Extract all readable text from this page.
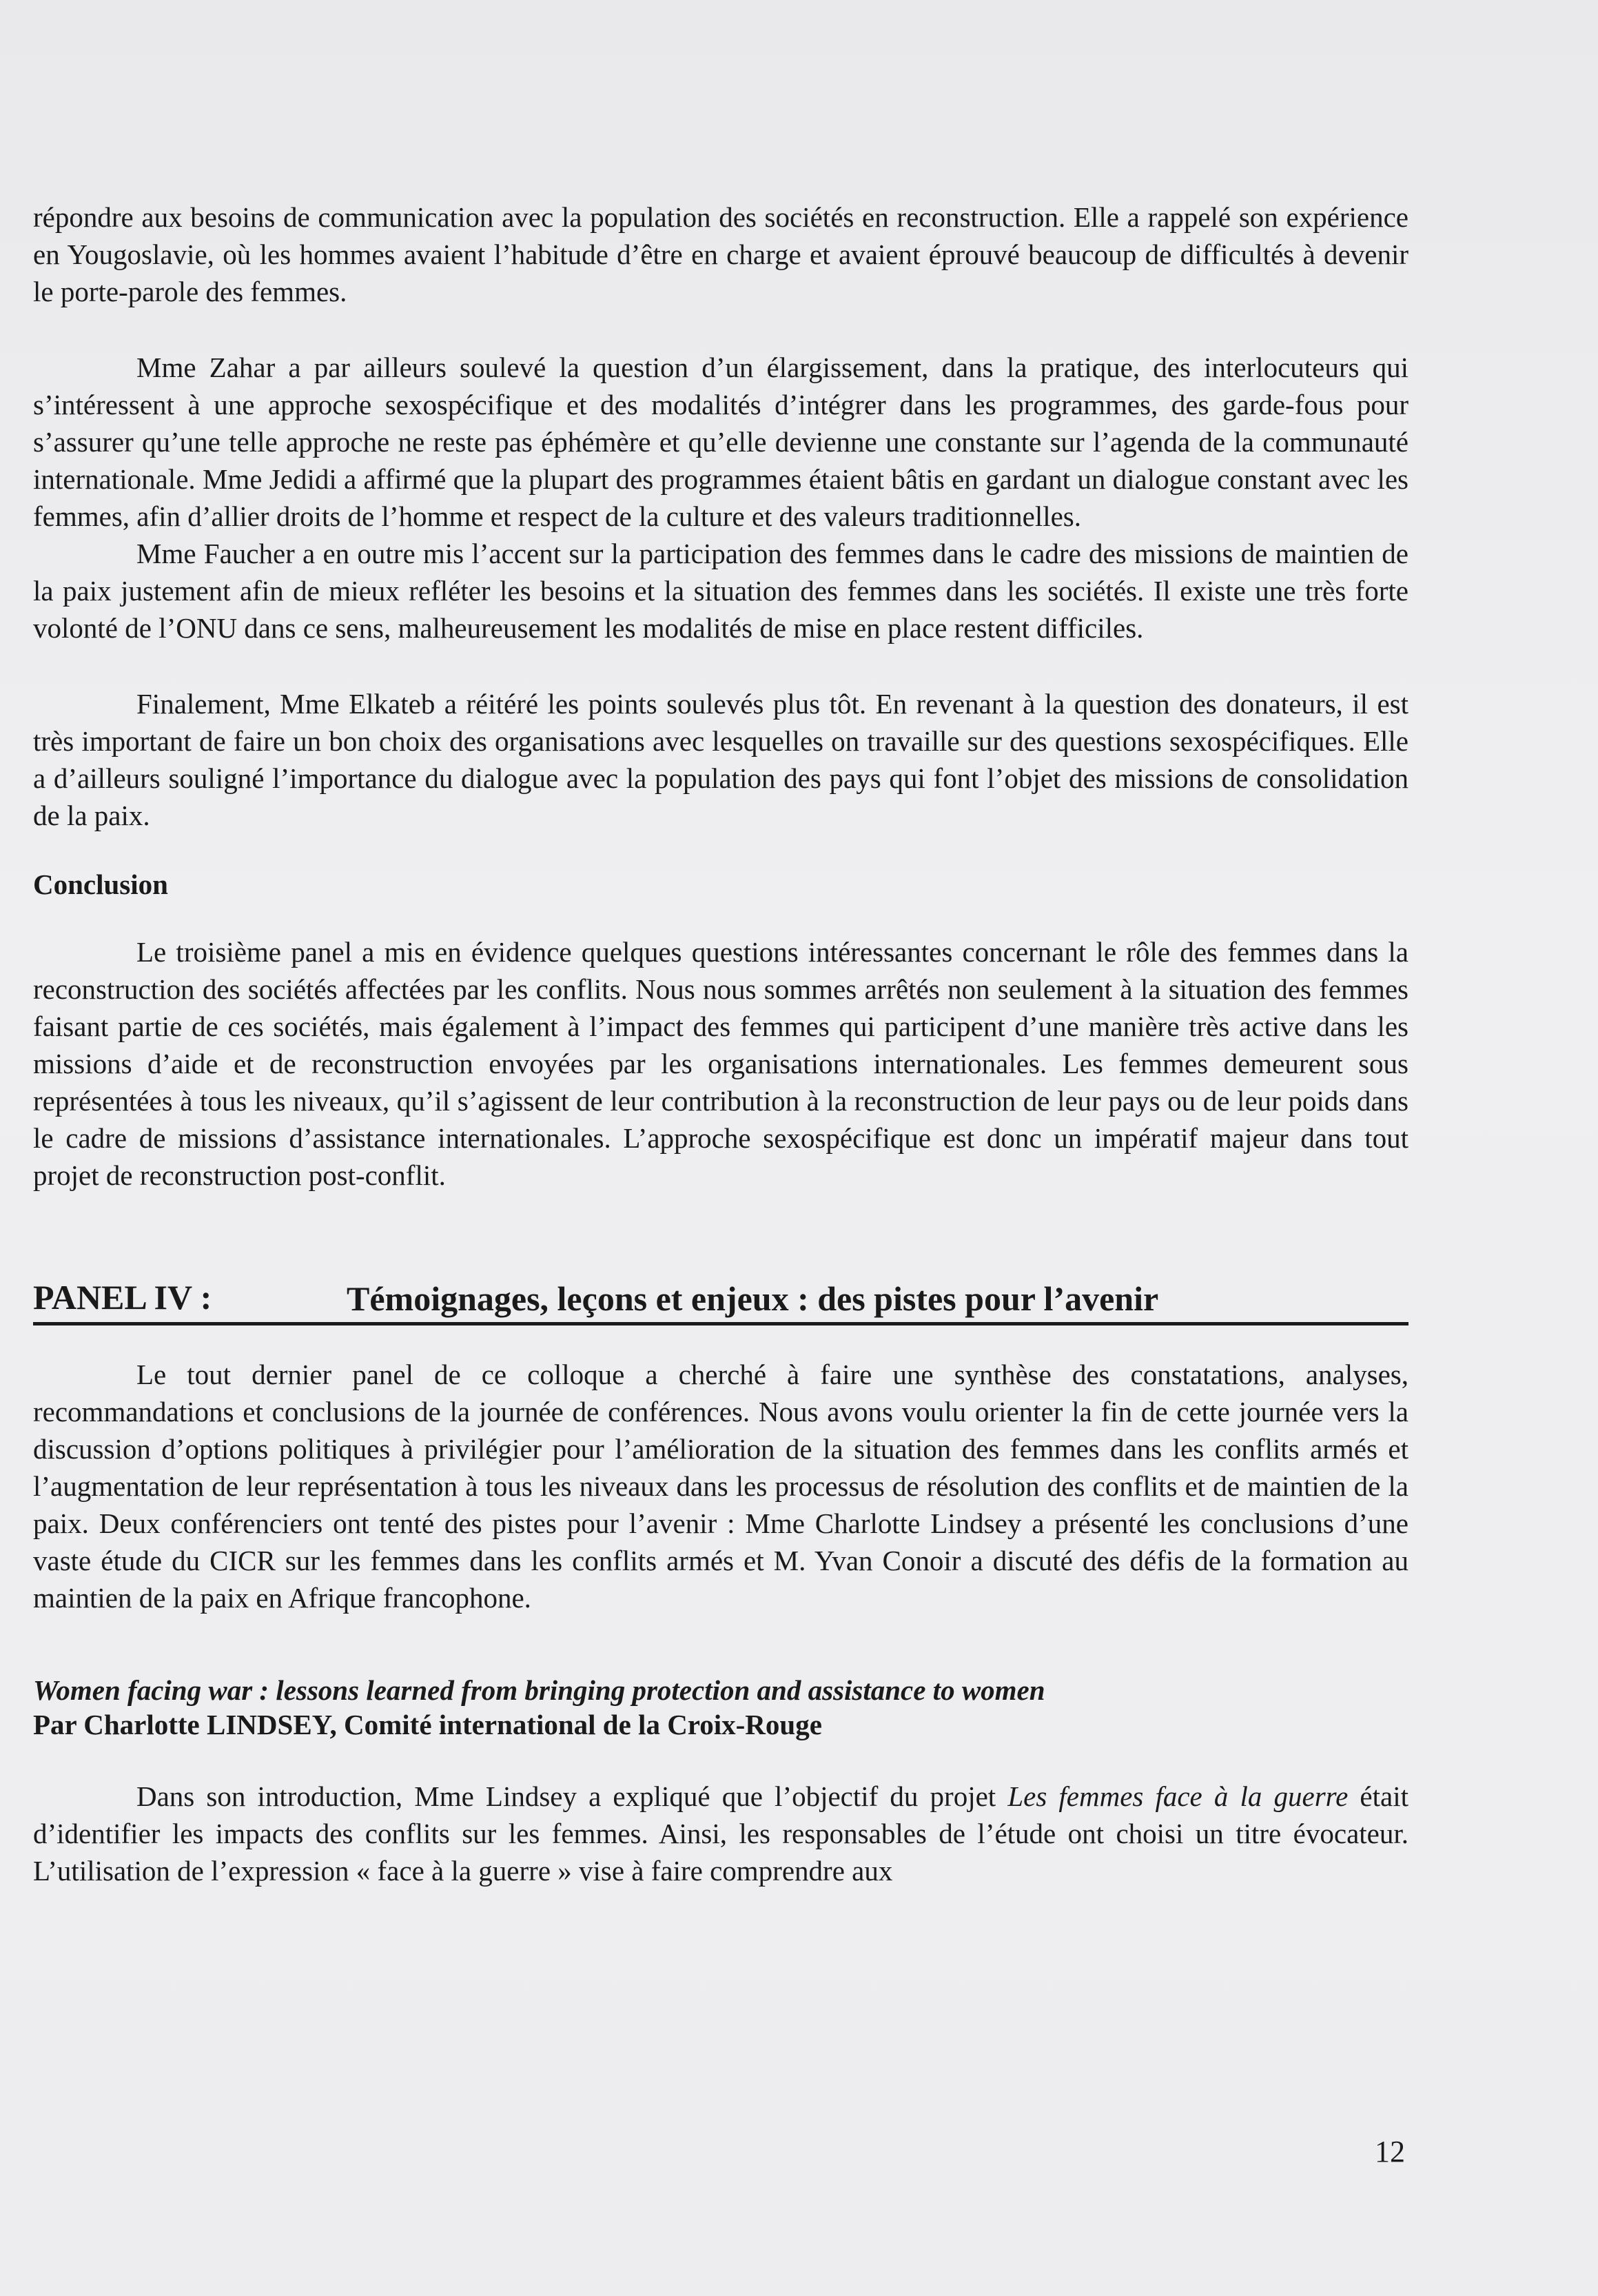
répondre aux besoins de communication avec la population des sociétés en reconstruction. Elle a rappelé son expérience en Yougoslavie, où les hommes avaient l’habitude d’être en charge et avaient éprouvé beaucoup de difficultés à devenir le porte-parole des femmes.

Mme Zahar a par ailleurs soulevé la question d’un élargissement, dans la pratique, des interlocuteurs qui s’intéressent à une approche sexospécifique et des modalités d’intégrer dans les programmes, des garde-fous pour s’assurer qu’une telle approche ne reste pas éphémère et qu’elle devienne une constante sur l’agenda de la communauté internationale. Mme Jedidi a affirmé que la plupart des programmes étaient bâtis en gardant un dialogue constant avec les femmes, afin d’allier droits de l’homme et respect de la culture et des valeurs traditionnelles.

Mme Faucher a en outre mis l’accent sur la participation des femmes dans le cadre des missions de maintien de la paix justement afin de mieux refléter les besoins et la situation des femmes dans les sociétés. Il existe une très forte volonté de l’ONU dans ce sens, malheureusement les modalités de mise en place restent difficiles.

Finalement, Mme Elkateb a réitéré les points soulevés plus tôt. En revenant à la question des donateurs, il est très important de faire un bon choix des organisations avec lesquelles on travaille sur des questions sexospécifiques. Elle a d’ailleurs souligné l’importance du dialogue avec la population des pays qui font l’objet des missions de consolidation de la paix.

Conclusion

Le troisième panel a mis en évidence quelques questions intéressantes concernant le rôle des femmes dans la reconstruction des sociétés affectées par les conflits. Nous nous sommes arrêtés non seulement à la situation des femmes faisant partie de ces sociétés, mais également à l’impact des femmes qui participent d’une manière très active dans les missions d’aide et de reconstruction envoyées par les organisations internationales. Les femmes demeurent sous représentées à tous les niveaux, qu’il s’agissent de leur contribution à la reconstruction de leur pays ou de leur poids dans le cadre de missions d’assistance internationales. L’approche sexospécifique est donc un impératif majeur dans tout projet de reconstruction post-conflit.

PANEL IV :	Témoignages, leçons et enjeux : des pistes pour l’avenir

Le tout dernier panel de ce colloque a cherché à faire une synthèse des constatations, analyses, recommandations et conclusions de la journée de conférences. Nous avons voulu orienter la fin de cette journée vers la discussion d’options politiques à privilégier pour l’amélioration de la situation des femmes dans les conflits armés et l’augmentation de leur représentation à tous les niveaux dans les processus de résolution des conflits et de maintien de la paix. Deux conférenciers ont tenté des pistes pour l’avenir : Mme Charlotte Lindsey a présenté les conclusions d’une vaste étude du CICR sur les femmes dans les conflits armés et M. Yvan Conoir a discuté des défis de la formation au maintien de la paix en Afrique francophone.

Women facing war : lessons learned from bringing protection and assistance to women
Par Charlotte LINDSEY, Comité international de la Croix-Rouge

Dans son introduction, Mme Lindsey a expliqué que l’objectif du projet Les femmes face à la guerre était d’identifier les impacts des conflits sur les femmes. Ainsi, les responsables de l’étude ont choisi un titre évocateur. L’utilisation de l’expression « face à la guerre » vise à faire comprendre aux

12
